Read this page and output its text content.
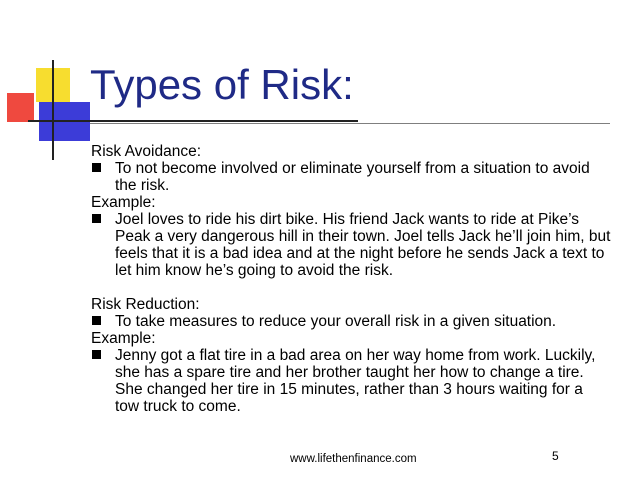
Types of Risk:

Risk Avoidance:

To not become involved or eliminate yourself from a situation to avoid the risk.

Example:

Joel loves to ride his dirt bike. His friend Jack wants to ride at Pike’s Peak a very dangerous hill in their town. Joel tells Jack he’ll join him, but feels that it is a bad idea and at the night before he sends Jack a text to let him know he’s going to avoid the risk.

Risk Reduction:

To take measures to reduce your overall risk in a given situation.

Example:

Jenny got a flat tire in a bad area on her way home from work. Luckily, she has a spare tire and her brother taught her how to change a tire. She changed her tire in 15 minutes, rather than 3 hours waiting for a tow truck to come.
www.lifethenfinance.com	5
